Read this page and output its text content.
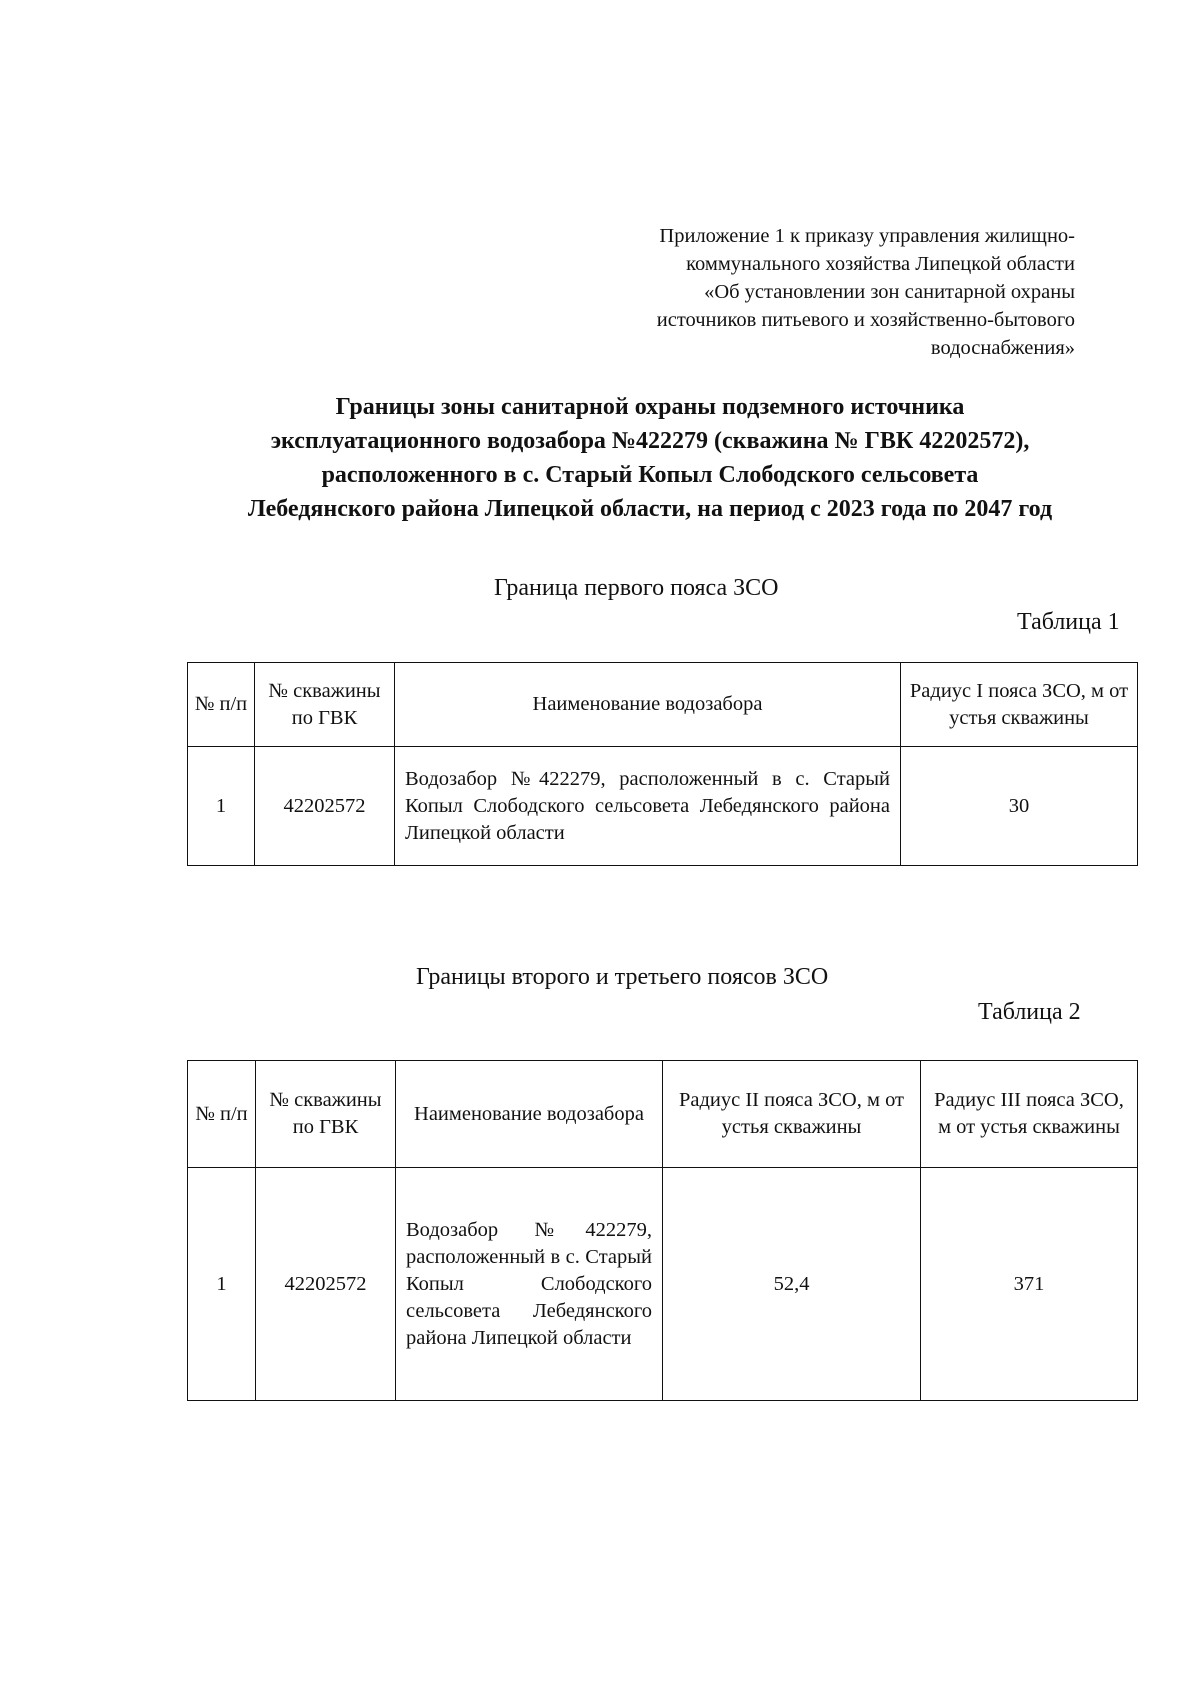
Приложение 1 к приказу управления жилищно-
коммунального хозяйства Липецкой области
«Об установлении зон санитарной охраны
источников питьевого и хозяйственно-бытового
водоснабжения»
Границы зоны санитарной охраны подземного источника
эксплуатационного водозабора №422279 (скважина № ГВК 42202572),
расположенного в с. Старый Копыл Слободского сельсовета
Лебедянского района Липецкой области, на период с 2023 года по 2047 год
Граница первого пояса ЗСО
Таблица 1
№ п/п	№ скважины по ГВК	Наименование водозабора	Радиус I пояса ЗСО, м от устья скважины
1	42202572	Водозабор №422279, расположенный в с. Старый Копыл Слободского сельсовета Лебедянского района Липецкой области	30
Границы второго и третьего поясов ЗСО
Таблица 2
№ п/п	№ скважины по ГВК	Наименование водозабора	Радиус II пояса ЗСО, м от устья скважины	Радиус III пояса ЗСО, м от устья скважины
1	42202572	Водозабор №422279, расположенный в с. Старый Копыл Слободского сельсовета Лебедянского района Липецкой области	52,4	371
